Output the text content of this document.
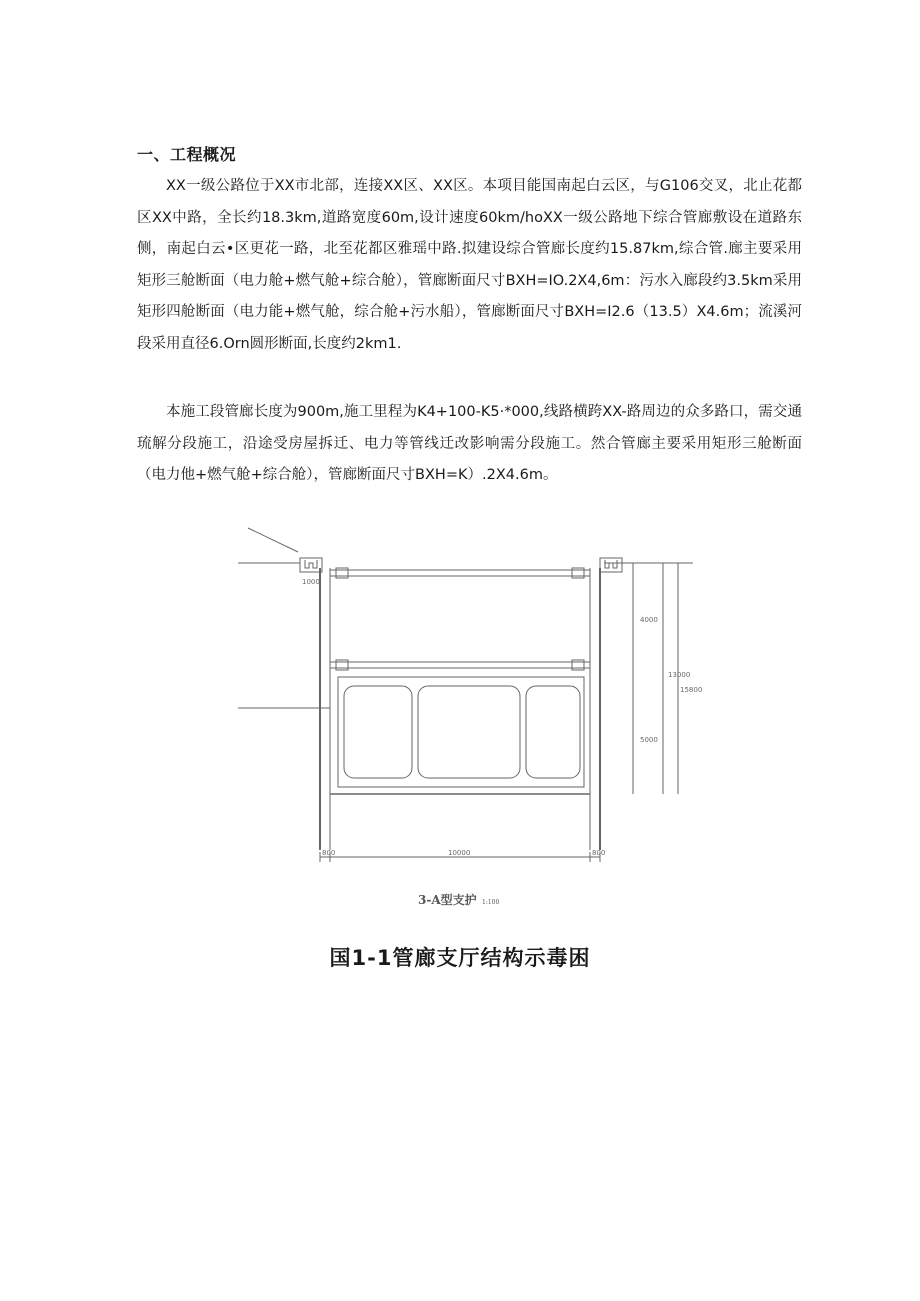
一、工程概况

XX一级公路位于XX市北部，连接XX区、XX区。本项目能国南起白云区，与G106交叉，北止花都区XX中路，全长约18.3km,道路宽度60m,设计速度60km∕hoXX一级公路地下综合管廊敷设在道路东侧，南起白云•区更花一路，北至花都区雅瑶中路.拟建设综合管廊长度约15.87km,综合管.廊主要采用矩形三舱断面（电力舱+燃气舱+综合舱），管廊断面尺寸BXH=IO.2X4,6m：污水入廊段约3.5km采用矩形四舱断面（电力能+燃气舱，综合舱+污水船），管廊断面尺寸BXH=I2.6（13.5）X4.6m；流溪河段采用直径6.Orn圆形断面,长度约2km1.

本施工段管廊长度为900m,施工里程为K4+100-K5·*000,线路横跨XX-路周边的众多路口，需交通琉解分段施工，沿途受房屋拆迁、电力等管线迁改影响需分段施工。然合管廊主要采用矩形三舱断面（电力他+燃气舱+综合舱），管廊断面尺寸BXH=K）.2X4.6m。

1000
4000
13000
5000
15800
800	10000	800
3-A型支护 1:100
国1-1管廊支厅结构示毒困
